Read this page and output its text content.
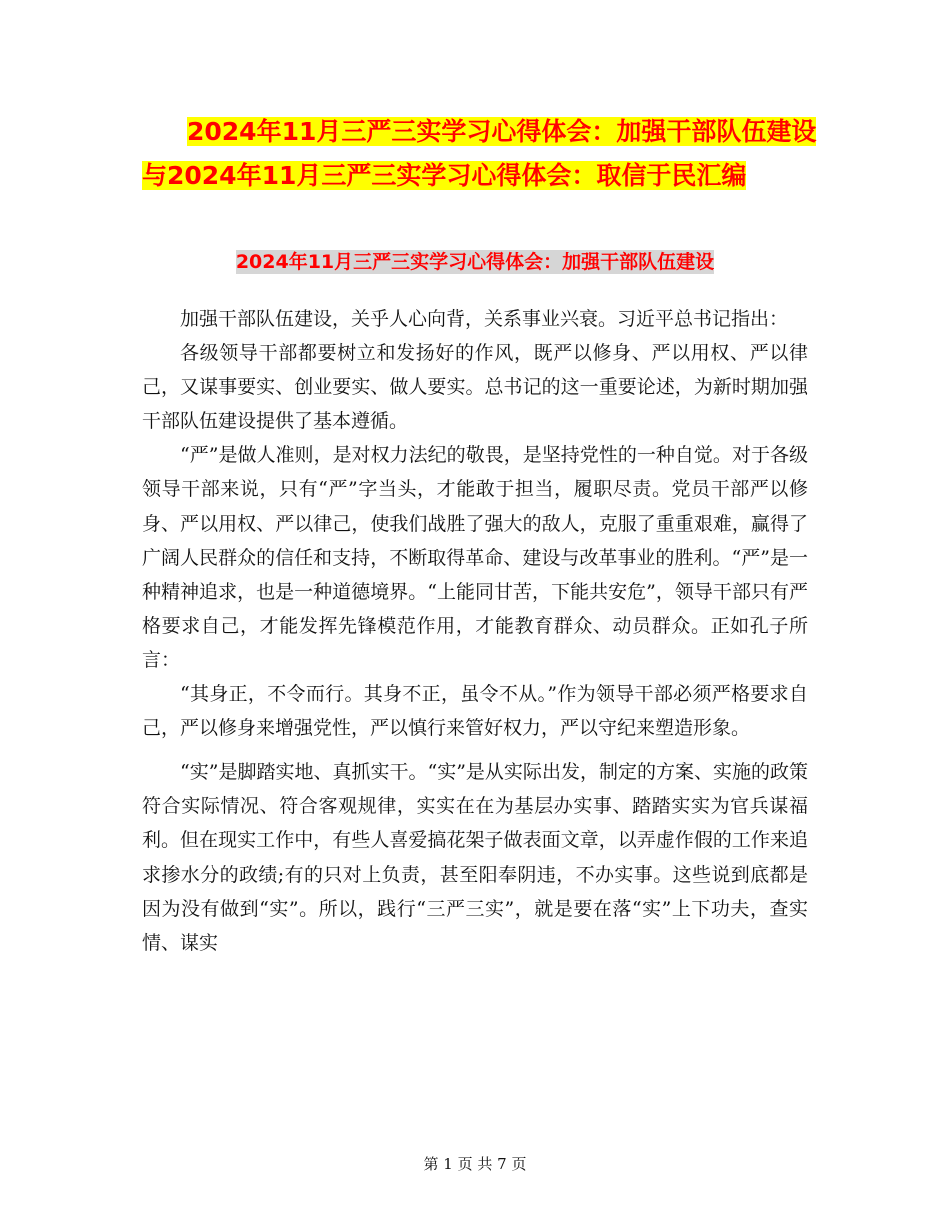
2024年11月三严三实学习心得体会：加强干部队伍建设与2024年11月三严三实学习心得体会：取信于民汇编
2024年11月三严三实学习心得体会：加强干部队伍建设

加强干部队伍建设，关乎人心向背，关系事业兴衰。习近平总书记指出：

各级领导干部都要树立和发扬好的作风，既严以修身、严以用权、严以律己，又谋事要实、创业要实、做人要实。总书记的这一重要论述，为新时期加强干部队伍建设提供了基本遵循。

“严”是做人准则，是对权力法纪的敬畏，是坚持党性的一种自觉。对于各级领导干部来说，只有“严”字当头，才能敢于担当，履职尽责。党员干部严以修身、严以用权、严以律己，使我们战胜了强大的敌人，克服了重重艰难，赢得了广阔人民群众的信任和支持，不断取得革命、建设与改革事业的胜利。“严”是一种精神追求，也是一种道德境界。“上能同甘苦，下能共安危”，领导干部只有严格要求自己，才能发挥先锋模范作用，才能教育群众、动员群众。正如孔子所言：

“其身正，不令而行。其身不正，虽令不从。”作为领导干部必须严格要求自己，严以修身来增强党性，严以慎行来管好权力，严以守纪来塑造形象。

“实”是脚踏实地、真抓实干。“实”是从实际出发，制定的方案、实施的政策符合实际情况、符合客观规律，实实在在为基层办实事、踏踏实实为官兵谋福利。但在现实工作中，有些人喜爱搞花架子做表面文章，以弄虚作假的工作来追求掺水分的政绩;有的只对上负责，甚至阳奉阴违，不办实事。这些说到底都是因为没有做到“实”。所以，践行“三严三实”，就是要在落“实”上下功夫，查实情、谋实

第 1 页 共 7 页
